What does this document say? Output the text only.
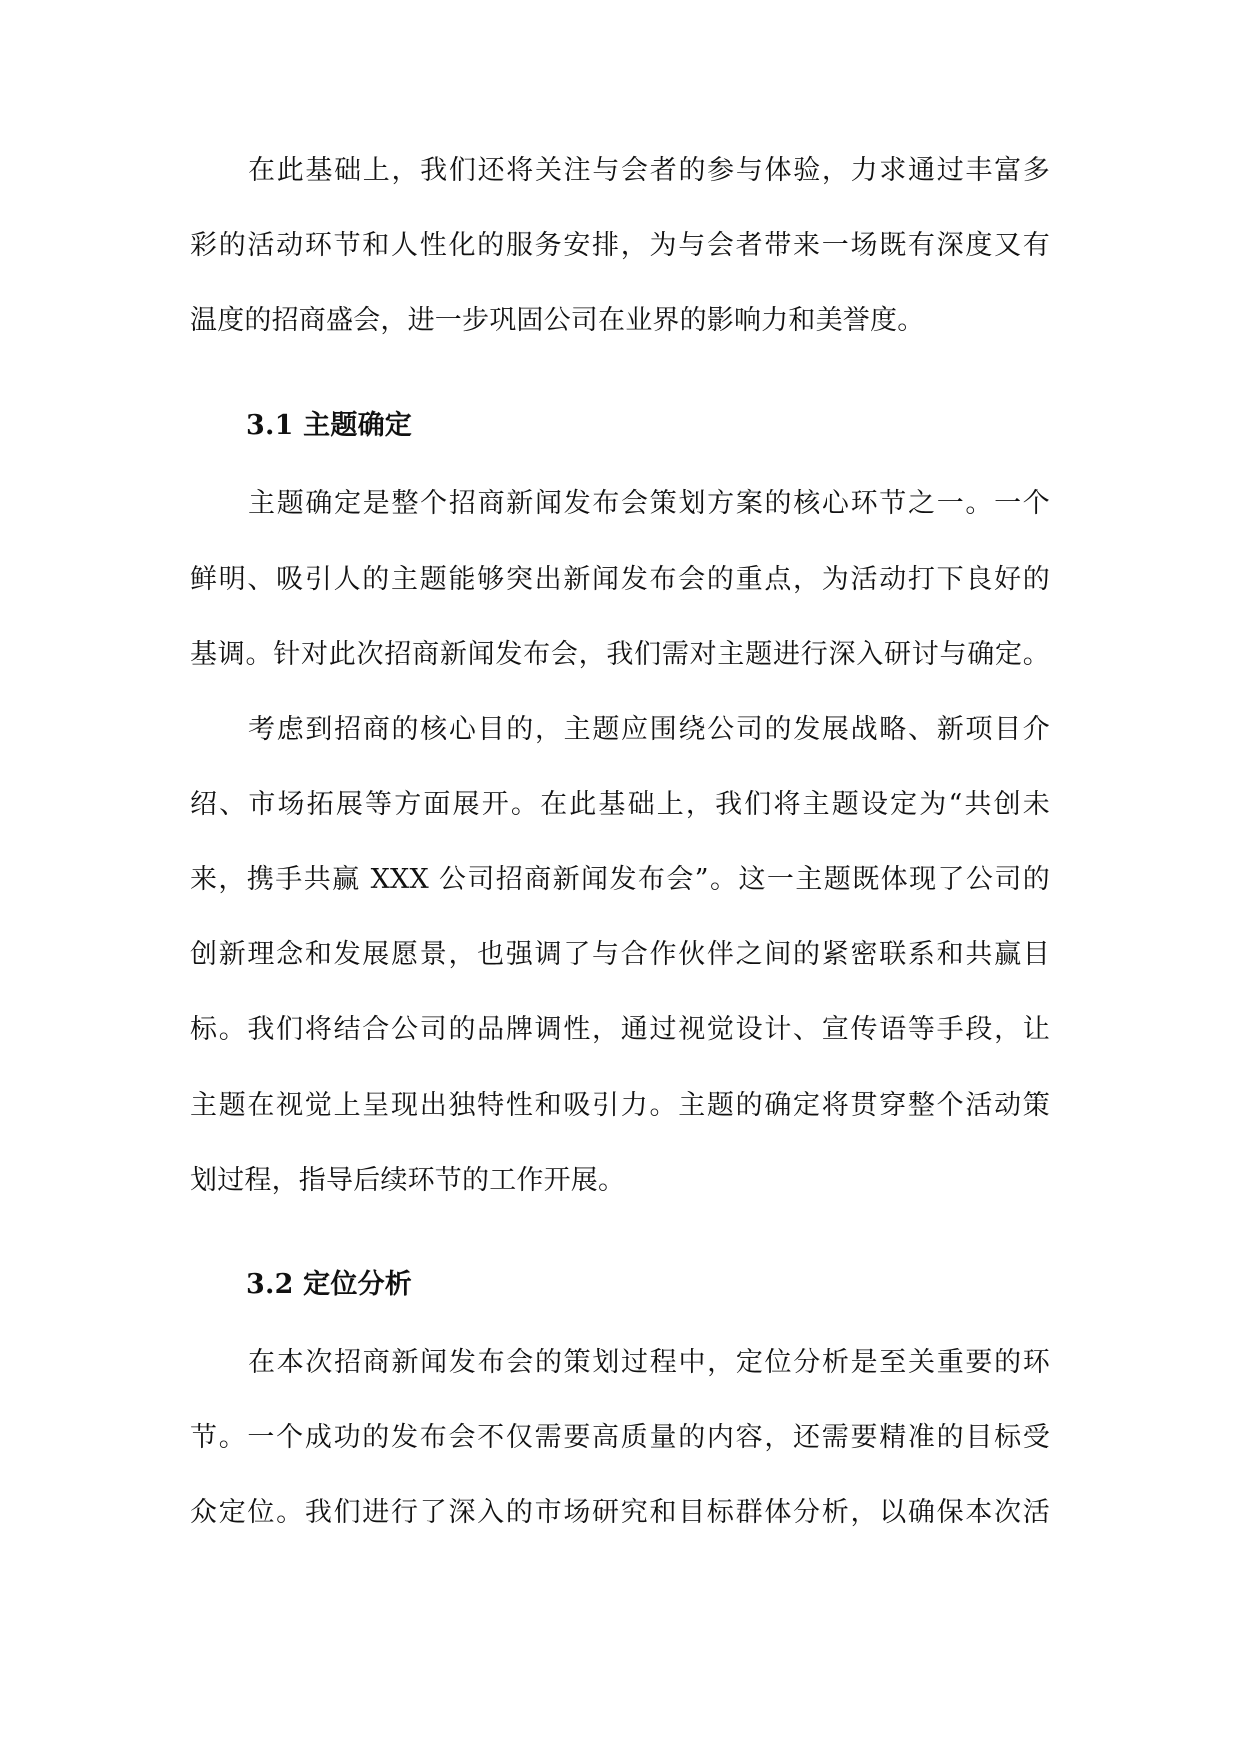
在此基础上，我们还将关注与会者的参与体验，力求通过丰富多
彩的活动环节和人性化的服务安排，为与会者带来一场既有深度又有
温度的招商盛会，进一步巩固公司在业界的影响力和美誉度。
3.1 主题确定
主题确定是整个招商新闻发布会策划方案的核心环节之一。一个
鲜明、吸引人的主题能够突出新闻发布会的重点，为活动打下良好的
基调。针对此次招商新闻发布会，我们需对主题进行深入研讨与确定。
考虑到招商的核心目的，主题应围绕公司的发展战略、新项目介
绍、市场拓展等方面展开。在此基础上，我们将主题设定为“共创未
来，携手共赢 XXX 公司招商新闻发布会”。这一主题既体现了公司的
创新理念和发展愿景，也强调了与合作伙伴之间的紧密联系和共赢目
标。我们将结合公司的品牌调性，通过视觉设计、宣传语等手段，让
主题在视觉上呈现出独特性和吸引力。主题的确定将贯穿整个活动策
划过程，指导后续环节的工作开展。
3.2 定位分析
在本次招商新闻发布会的策划过程中，定位分析是至关重要的环
节。一个成功的发布会不仅需要高质量的内容，还需要精准的目标受
众定位。我们进行了深入的市场研究和目标群体分析，以确保本次活
